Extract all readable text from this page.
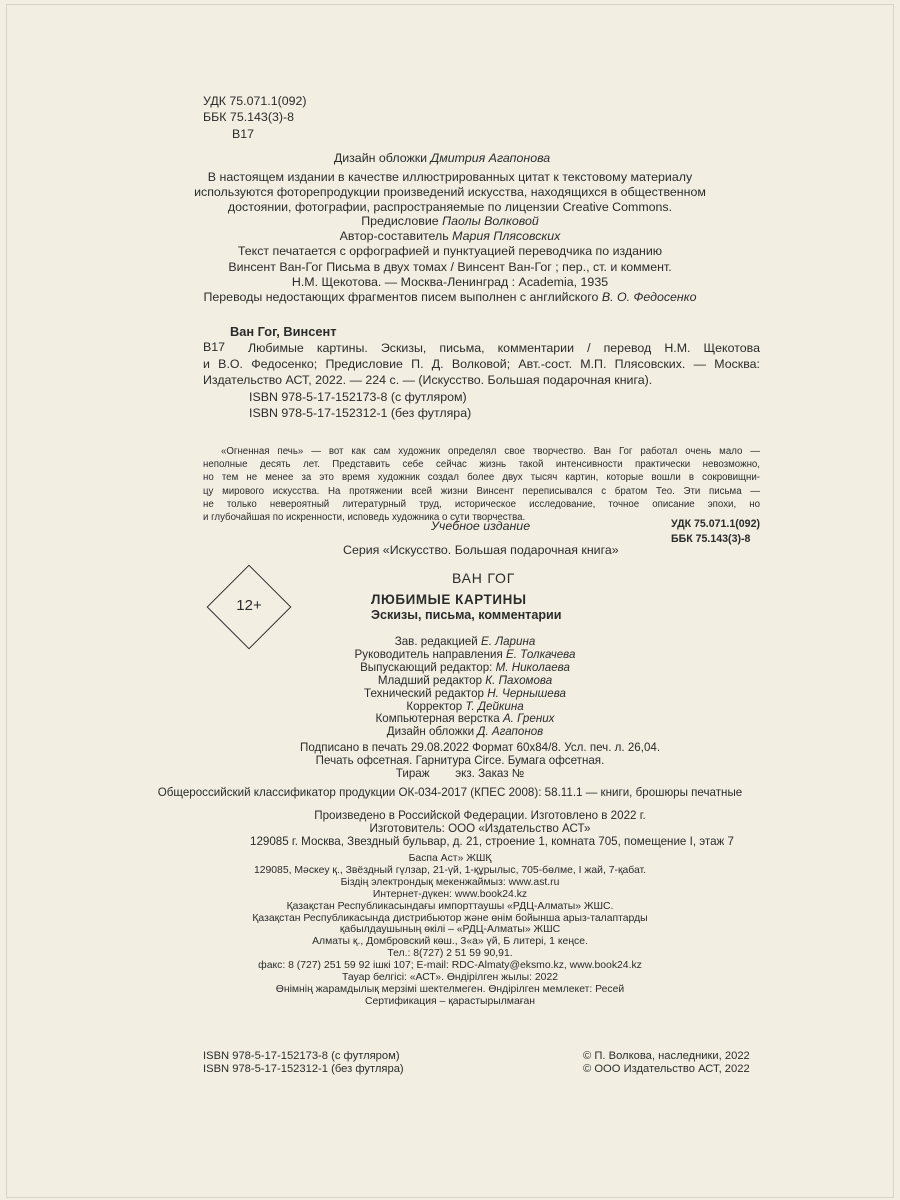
УДК 75.071.1(092)
ББК 75.143(3)-8
В17
Дизайн обложки Дмитрия Агапонова
В настоящем издании в качестве иллюстрированных цитат к текстовому материалу
используются фоторепродукции произведений искусства, находящихся в общественном
достоянии, фотографии, распространяемые по лицензии Creative Commons.
Предисловие Паолы Волковой
Автор-составитель Мария Плясовских
Текст печатается с орфографией и пунктуацией переводчика по изданию
Винсент Ван-Гог Письма в двух томах / Винсент Ван-Гог ; пер., ст. и коммент.
Н.М. Щекотова. — Москва-Ленинград : Academia, 1935
Переводы недостающих фрагментов писем выполнен с английского В. О. Федосенко
Ван Гог, Винсент
В17 Любимые картины. Эскизы, письма, комментарии / перевод Н.М. Щекотова
и В.О. Федосенко; Предисловие П. Д. Волковой; Авт.-сост. М.П. Плясовских. — Москва:
Издательство АСТ, 2022. — 224 с. — (Искусство. Большая подарочная книга).
ISBN 978-5-17-152173-8 (с футляром)
ISBN 978-5-17-152312-1 (без футляра)
«Огненная печь» — вот как сам художник определял свое творчество. Ван Гог работал очень мало —
неполные десять лет. Представить себе сейчас жизнь такой интенсивности практически невозможно,
но тем не менее за это время художник создал более двух тысяч картин, которые вошли в сокровищни-
цу мирового искусства. На протяжении всей жизни Винсент переписывался с братом Тео. Эти письма —
не только невероятный литературный труд, историческое исследование, точное описание эпохи, но
и глубочайшая по искренности, исповедь художника о сути творчества.
УДК 75.071.1(092)
ББК 75.143(3)-8
Учебное издание
Серия «Искусство. Большая подарочная книга»
12+
ВАН ГОГ
ЛЮБИМЫЕ КАРТИНЫ
Эскизы, письма, комментарии
Зав. редакцией Е. Ларина
Руководитель направления Е. Толкачева
Выпускающий редактор: М. Николаева
Младший редактор К. Пахомова
Технический редактор Н. Чернышева
Корректор Т. Дейкина
Компьютерная верстка А. Грених
Дизайн обложки Д. Агапонов
Подписано в печать 29.08.2022 Формат 60x84/8. Усл. печ. л. 26,04.
Печать офсетная. Гарнитура Circe. Бумага офсетная.
Тираж        экз. Заказ №
Общероссийский классификатор продукции ОК-034-2017 (КПЕС 2008): 58.11.1 — книги, брошюры печатные
Произведено в Российской Федерации. Изготовлено в 2022 г.
Изготовитель: ООО «Издательство АСТ»
129085 г. Москва, Звездный бульвар, д. 21, строение 1, комната 705, помещение I, этаж 7
Баспа Аст» ЖШҚ
129085, Мәскеу қ., Звёздный гүлзар, 21-үй, 1-құрылыс, 705-бөлме, I жай, 7-қабат.
Біздің электрондық мекенжаймыз: www.ast.ru
Интернет-дүкен: www.book24.kz
Қазақстан Республикасындағы импорттаушы «РДЦ-Алматы» ЖШС.
Қазақстан Республикасында дистрибьютор және өнім бойынша арыз-талаптарды
қабылдаушының өкілі – «РДЦ-Алматы» ЖШС
Алматы қ., Домбровский көш., 3«а» үй, Б литері, 1 кеңсе.
Тел.: 8(727) 2 51 59 90,91.
факс: 8 (727) 251 59 92 ішкі 107; E-mail: RDC-Almaty@eksmo.kz, www.book24.kz
Тауар белгісі: «АСТ». Өндірілген жылы: 2022
Өнімнің жарамдылық мерзімі шектелмеген. Өндірілген мемлекет: Ресей
Сертификация – қарастырылмаған
ISBN 978-5-17-152173-8 (с футляром)
ISBN 978-5-17-152312-1 (без футляра)
© П. Волкова, наследники, 2022
© ООО Издательство АСТ, 2022
